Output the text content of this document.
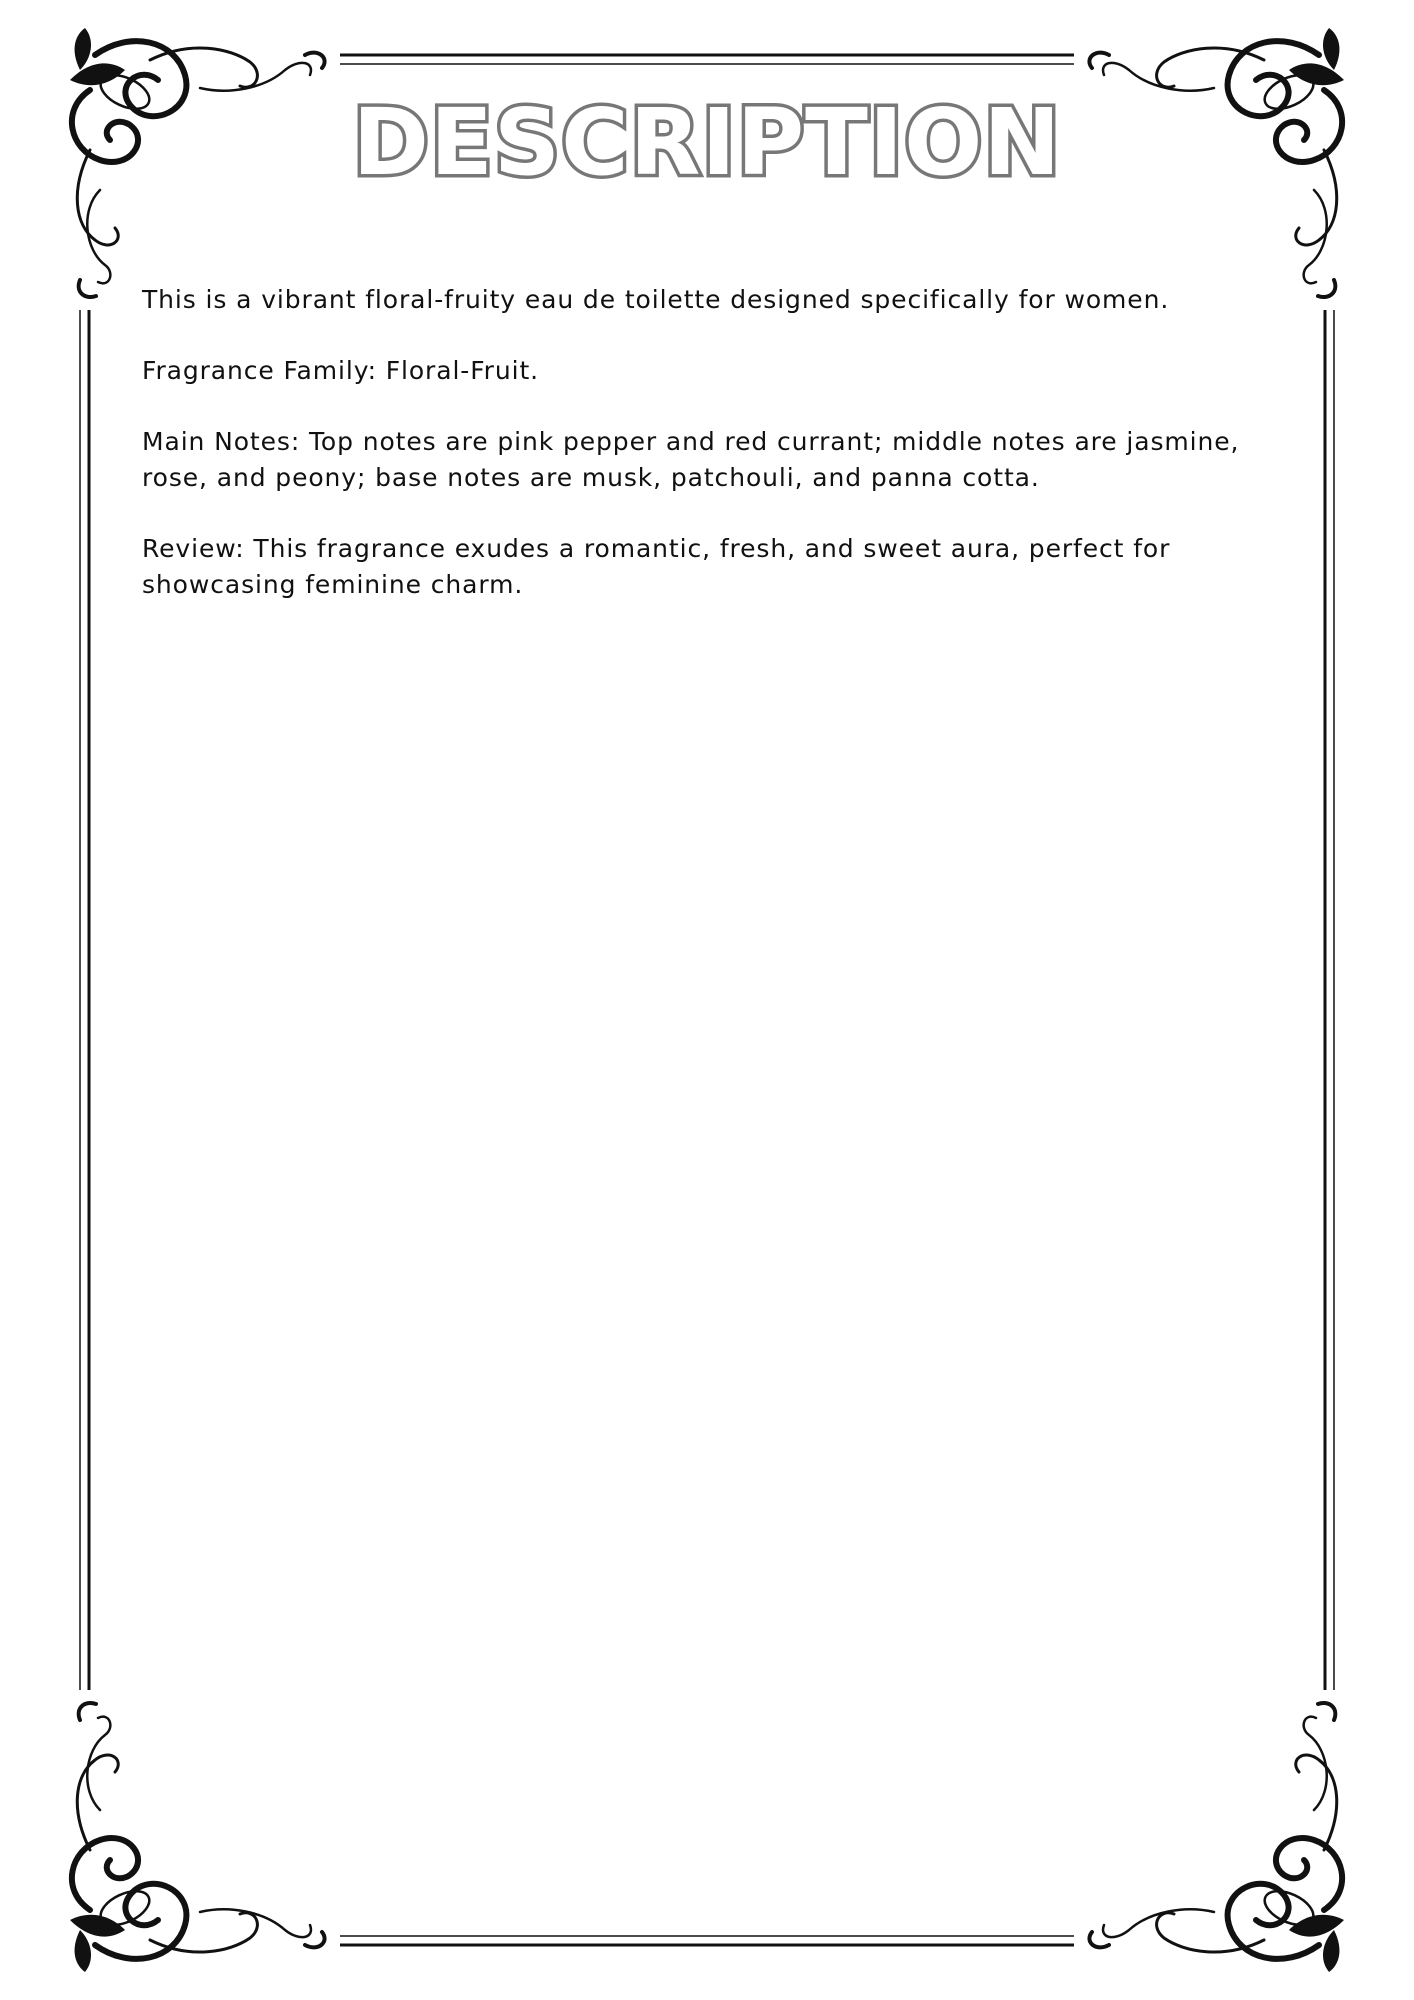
DESCRIPTION

This is a vibrant floral-fruity eau de toilette designed specifically for women.

Fragrance Family: Floral-Fruit.

Main Notes: Top notes are pink pepper and red currant; middle notes are jasmine, rose, and peony; base notes are musk, patchouli, and panna cotta.

Review: This fragrance exudes a romantic, fresh, and sweet aura, perfect for showcasing feminine charm.
